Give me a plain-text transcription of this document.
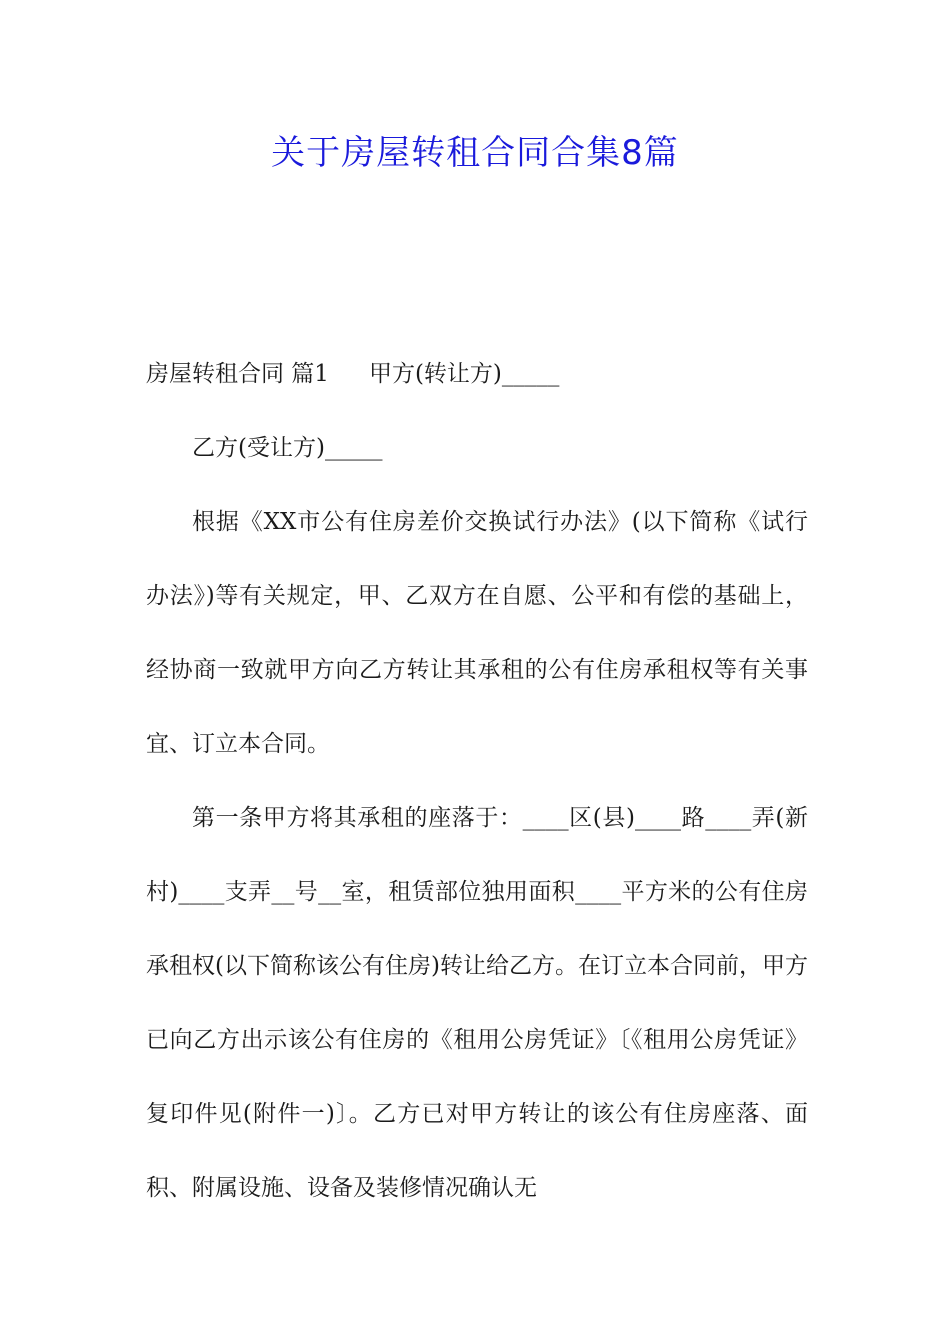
关于房屋转租合同合集8篇

房屋转租合同 篇1 甲方(转让方)_____

乙方(受让方)_____

根据《XX市公有住房差价交换试行办法》(以下简称《试行办法》)等有关规定，甲、乙双方在自愿、公平和有偿的基础上，经协商一致就甲方向乙方转让其承租的公有住房承租权等有关事宜、订立本合同。

第一条甲方将其承租的座落于：____区(县)____路____弄(新村)____支弄__号__室，租赁部位独用面积____平方米的公有住房承租权(以下简称该公有住房)转让给乙方。在订立本合同前，甲方已向乙方出示该公有住房的《租用公房凭证》〔《租用公房凭证》复印件见(附件一)〕。乙方已对甲方转让的该公有住房座落、面积、附属设施、设备及装修情况确认无
